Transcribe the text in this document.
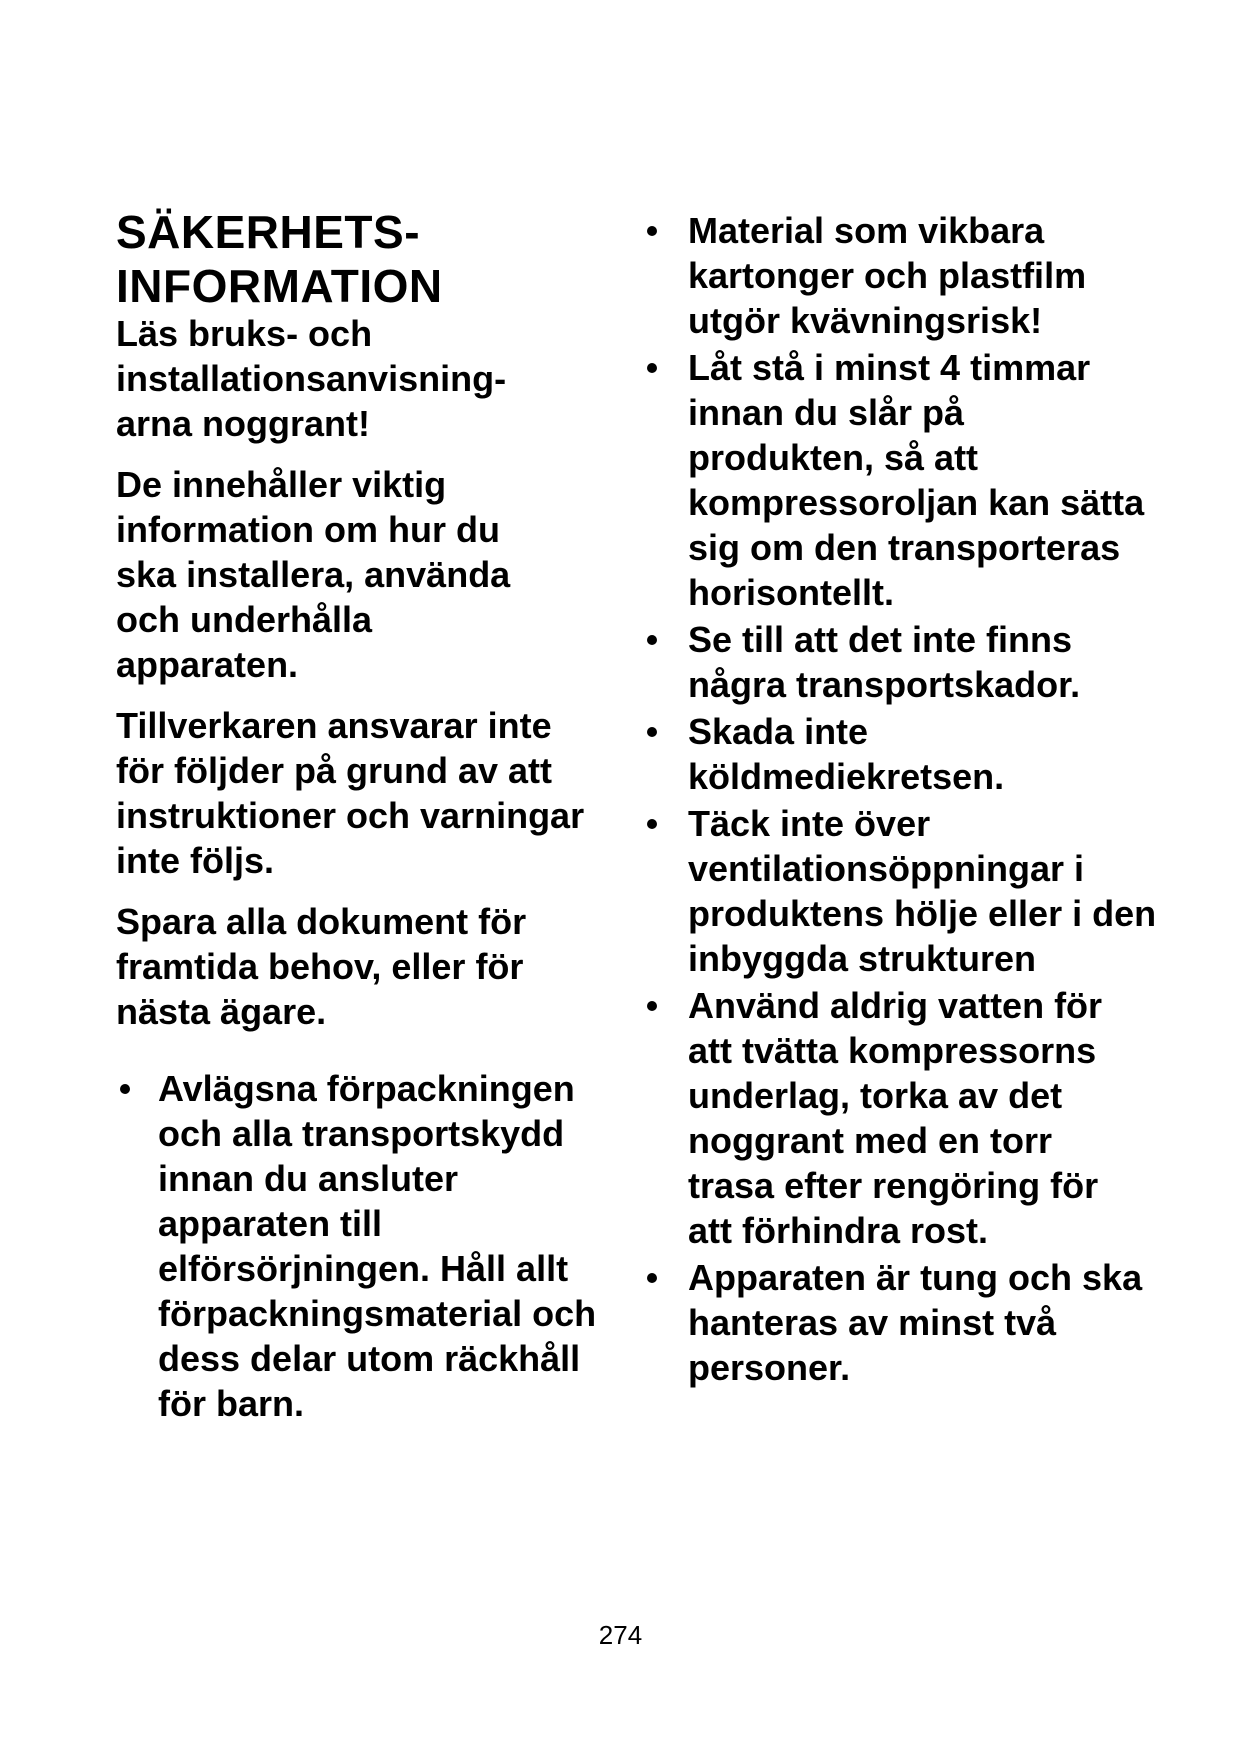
SÄKERHETS-
INFORMATION

Läs bruks- och installationsanvisning-arna noggrant!

De innehåller viktig information om hur du ska installera, använda och underhålla apparaten.

Tillverkaren ansvarar inte för följder på grund av att instruktioner och varningar inte följs.

Spara alla dokument för framtida behov, eller för nästa ägare.

Avlägsna förpackningen och alla transportskydd innan du ansluter apparaten till elförsörjningen. Håll allt förpackningsmaterial och dess delar utom räckhåll för barn.
Material som vikbara kartonger och plastfilm utgör kvävningsrisk!
Låt stå i minst 4 timmar innan du slår på produkten, så att kompressoroljan kan sätta sig om den transporteras horisontellt.
Se till att det inte finns några transportskador.
Skada inte köldmediekretsen.
Täck inte över ventilationsöppningar i produktens hölje eller i den inbyggda strukturen
Använd aldrig vatten för att tvätta kompressorns underlag, torka av det noggrant med en torr trasa efter rengöring för att förhindra rost.
Apparaten är tung och ska hanteras av minst två personer.
274
